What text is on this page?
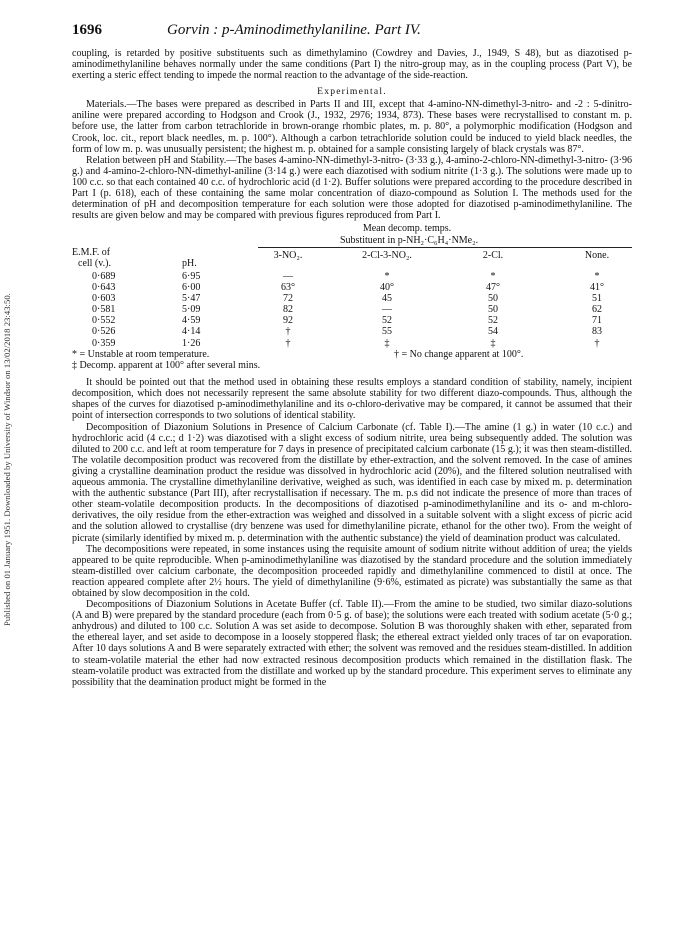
Published on 01 January 1951. Downloaded by University of Windsor on 13/02/2018 23:43:50.
1696	Gorvin : p-Aminodimethylaniline. Part IV.

coupling, is retarded by positive substituents such as dimethylamino (Cowdrey and Davies, J., 1949, S 48), but as diazotised p-aminodimethylaniline behaves normally under the same conditions (Part I) the nitro-group may, as in the coupling process (Part V), be exerting a steric effect tending to impede the normal reaction to the advantage of the side-reaction.

Experimental.

Materials.—The bases were prepared as described in Parts II and III, except that 4-amino-NN-dimethyl-3-nitro- and -2 : 5-dinitro-aniline were prepared according to Hodgson and Crook (J., 1932, 2976; 1934, 873). These bases were recrystallised to constant m. p. before use, the latter from carbon tetrachloride in brown-orange rhombic plates, m. p. 80°, a polymorphic modification (Hodgson and Crook, loc. cit., report black needles, m. p. 100°). Although a carbon tetrachloride solution could be induced to yield black needles, the form of low m. p. was unusually persistent; the highest m. p. obtained for a sample consisting largely of black crystals was 87°.

Relation between pH and Stability.—The bases 4-amino-NN-dimethyl-3-nitro- (3·33 g.), 4-amino-2-chloro-NN-dimethyl-3-nitro- (3·96 g.) and 4-amino-2-chloro-NN-dimethyl-aniline (3·14 g.) were each diazotised with sodium nitrite (1·3 g.). The solutions were made up to 100 c.c. so that each contained 40 c.c. of hydrochloric acid (d 1·2). Buffer solutions were prepared according to the procedure described in Part I (p. 618), each of these containing the same molar concentration of diazo-compound as Solution I. The methods used for the determination of pH and decomposition temperature for each solution were those adopted for diazotised p-aminodimethylaniline. The results are given below and may be compared with previous figures reproduced from Part I.

Mean decomp. temps.
Substituent in p-NH₂·C₆H₄·NMe₂.
E.M.F. of
cell (v.).	pH.
3-NO₂.	2-Cl-3-NO₂.	2-Cl.	None.
0·689	6·95	—	*	*	*
0·643	6·00	63°	40°	47°	41°
0·603	5·47	72	45	50	51
0·581	5·09	82	—	50	62
0·552	4·59	92	52	52	71
0·526	4·14	†	55	54	83
0·359	1·26	†	‡	‡	†
* = Unstable at room temperature.	† = No change apparent at 100°.
‡ Decomp. apparent at 100° after several mins.

It should be pointed out that the method used in obtaining these results employs a standard condition of stability, namely, incipient decomposition, which does not necessarily represent the same absolute stability for two different diazo-compounds. Thus, although the shapes of the curves for diazotised p-aminodimethylaniline and its o-chloro-derivative may be compared, it cannot be assumed that their point of intersection corresponds to two solutions of identical stability.

Decomposition of Diazonium Solutions in Presence of Calcium Carbonate (cf. Table I).—The amine (1 g.) in water (10 c.c.) and hydrochloric acid (4 c.c.; d 1·2) was diazotised with a slight excess of sodium nitrite, urea being subsequently added. The solution was diluted to 200 c.c. and left at room temperature for 7 days in presence of precipitated calcium carbonate (15 g.); it was then steam-distilled. The volatile decomposition product was recovered from the distillate by ether-extraction, and the solvent removed. In the case of amines giving a crystalline deamination product the residue was dissolved in hydrochloric acid (20%), and the filtered solution neutralised with aqueous ammonia. The crystalline dimethylaniline derivative, weighed as such, was identified in each case by mixed m. p. determination with the authentic substance (Part III), after recrystallisation if necessary. The m. p.s did not indicate the presence of more than traces of other steam-volatile decomposition products. In the decompositions of diazotised p-aminodimethylaniline and its o- and m-chloro-derivatives, the oily residue from the ether-extraction was weighed and dissolved in a suitable solvent with a slight excess of picric acid and the solution allowed to crystallise (dry benzene was used for dimethylaniline picrate, ethanol for the other two). From the weight of picrate (similarly identified by mixed m. p. determination with the authentic substance) the yield of deamination product was calculated.

The decompositions were repeated, in some instances using the requisite amount of sodium nitrite without addition of urea; the yields appeared to be quite reproducible. When p-aminodimethylaniline was diazotised by the standard procedure and the solution immediately steam-distilled over calcium carbonate, the decomposition proceeded rapidly and dimethylaniline commenced to distil at once. The reaction appeared complete after 2½ hours. The yield of dimethylaniline (9·6%, estimated as picrate) was substantially the same as that obtained by slow decomposition in the cold.

Decompositions of Diazonium Solutions in Acetate Buffer (cf. Table II).—From the amine to be studied, two similar diazo-solutions (A and B) were prepared by the standard procedure (each from 0·5 g. of base); the solutions were each treated with sodium acetate (5·0 g.; anhydrous) and diluted to 100 c.c. Solution A was set aside to decompose. Solution B was thoroughly shaken with ether, separated from the ethereal layer, and set aside to decompose in a loosely stoppered flask; the ethereal extract yielded only traces of tar on evaporation. After 10 days solutions A and B were separately extracted with ether; the solvent was removed and the residues steam-distilled. In addition to steam-volatile material the ether had now extracted resinous decomposition products which remained in the distillation flask. The steam-volatile product was extracted from the distillate and worked up by the standard procedure. This experiment serves to eliminate any possibility that the deamination product might be formed in the
